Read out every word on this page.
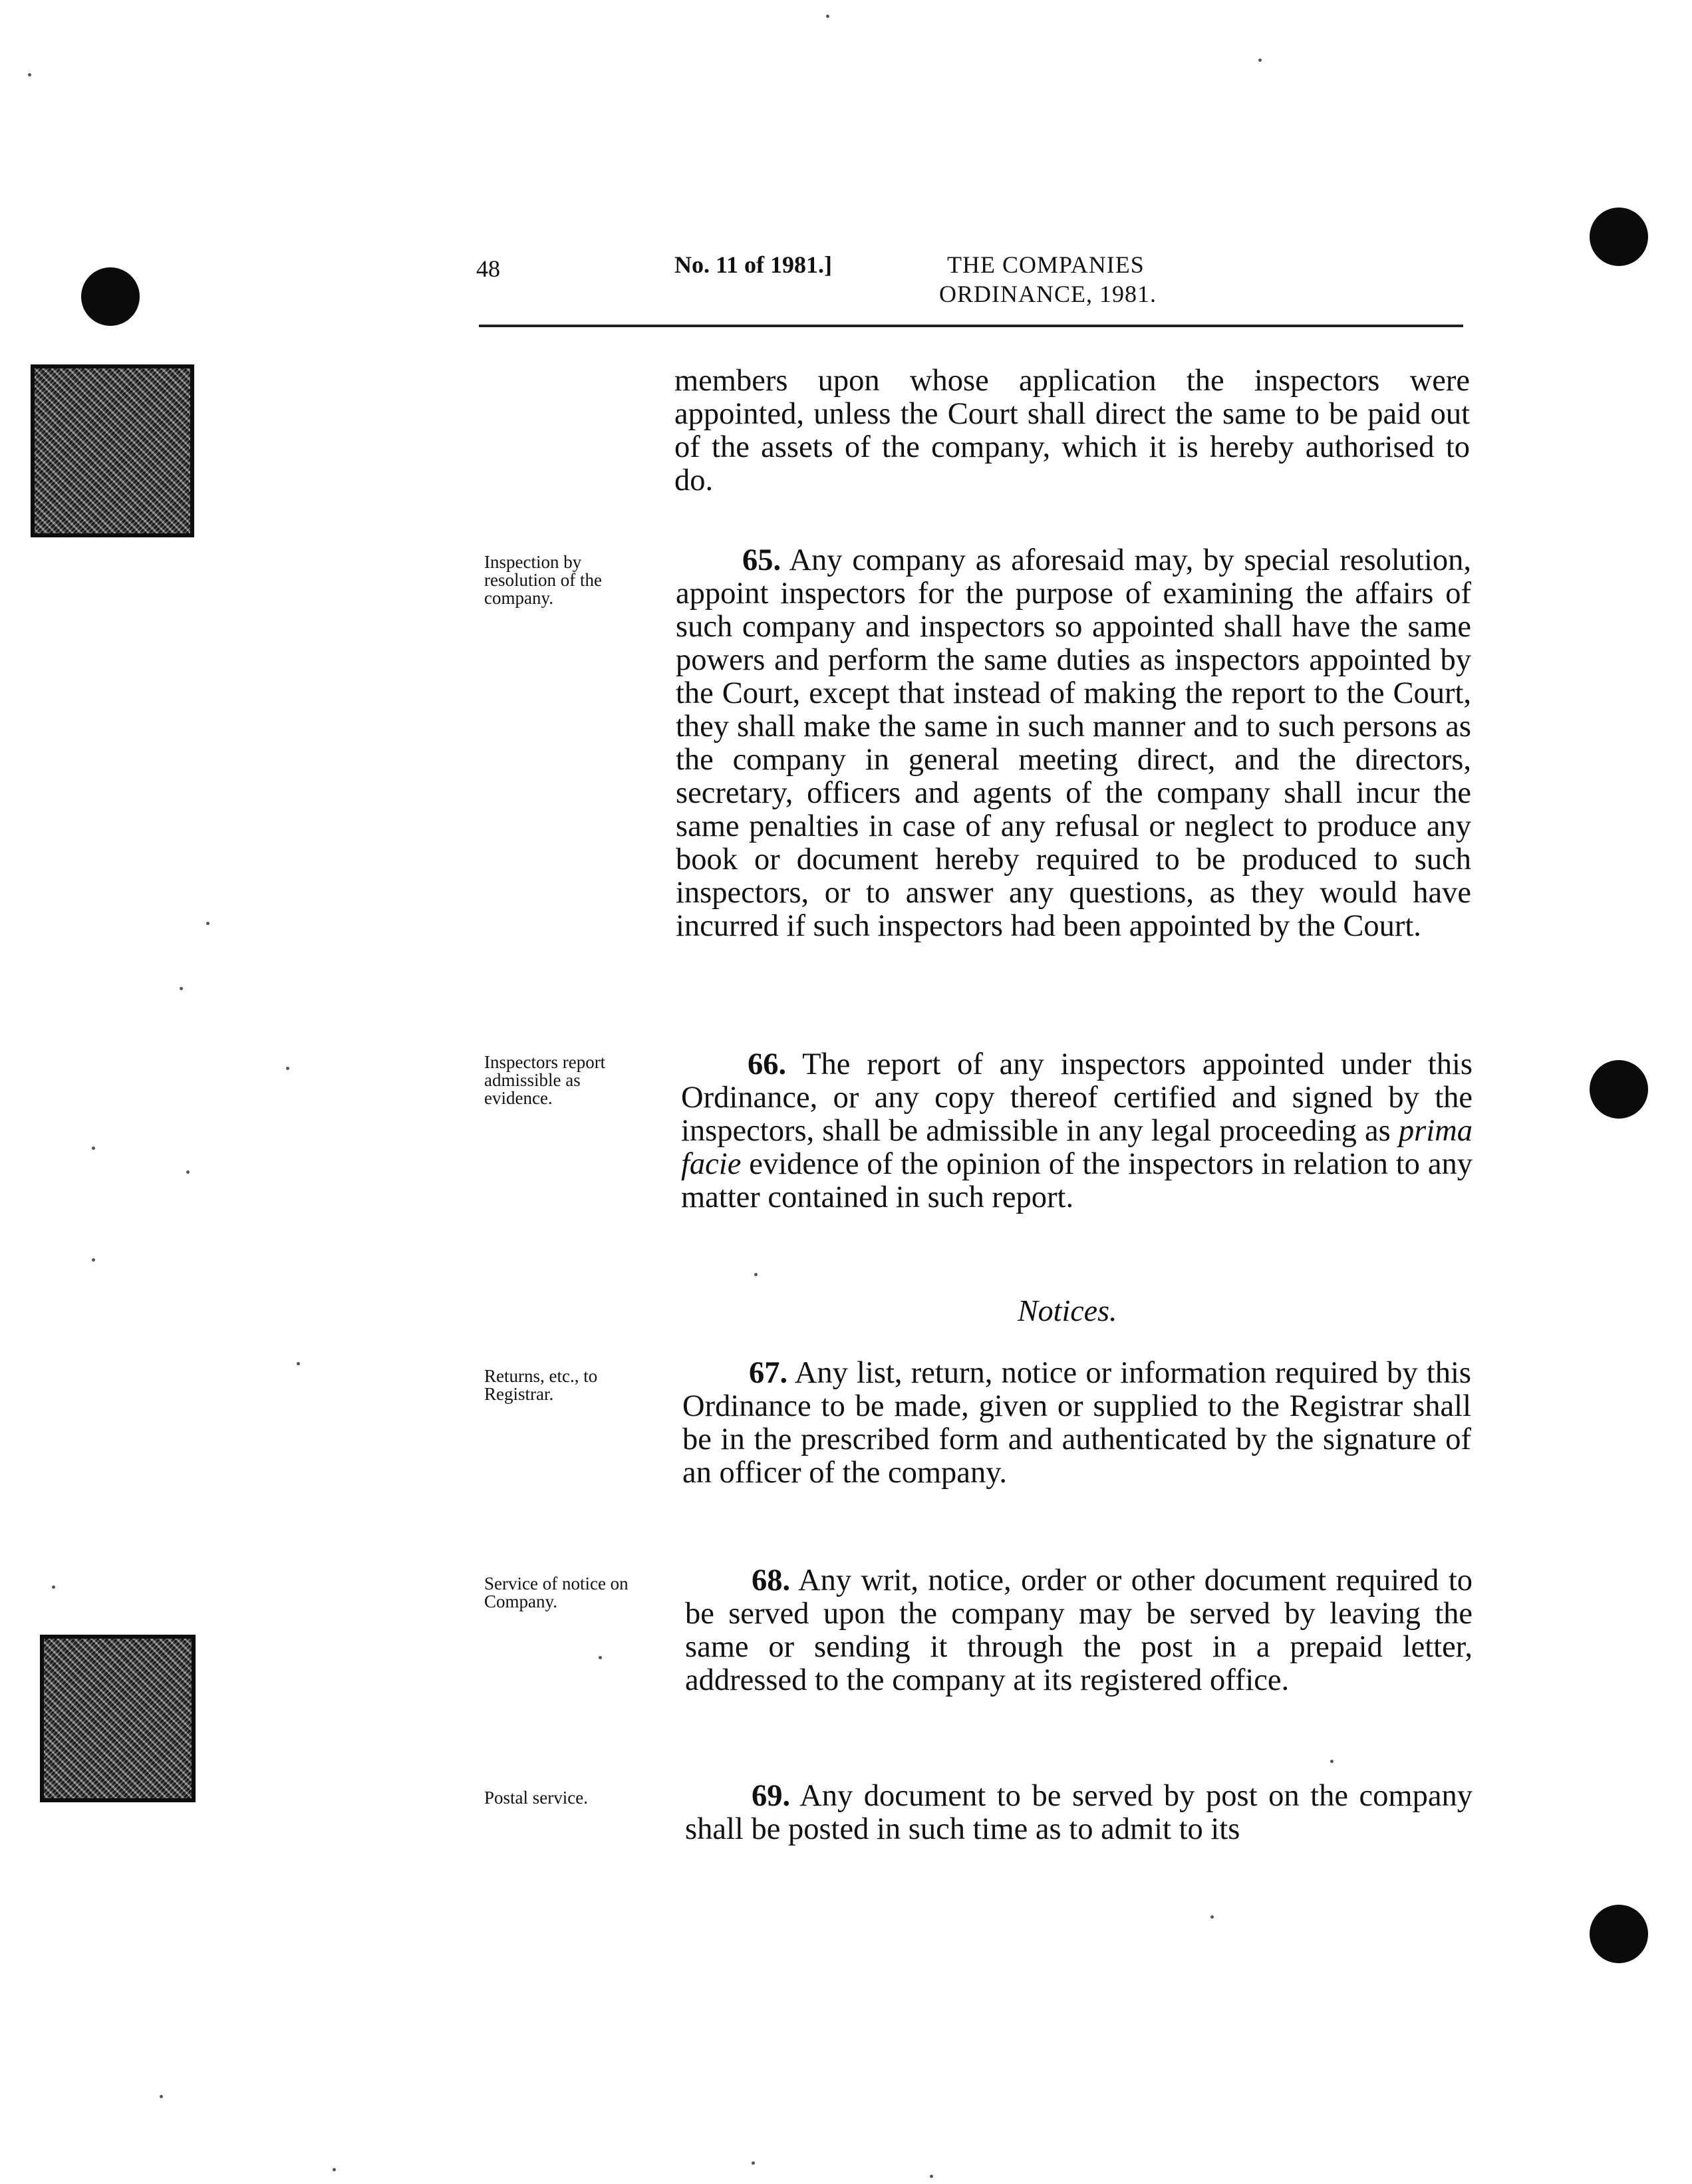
48	No. 11 of 1981.]	THE COMPANIES
ORDINANCE, 1981.
members upon whose application the inspectors were appointed, unless the Court shall direct the same to be paid out of the assets of the company, which it is hereby authorised to do.
Inspection by resolution of the company.
65. Any company as aforesaid may, by special resolution, appoint inspectors for the purpose of examining the affairs of such company and inspectors so appointed shall have the same powers and perform the same duties as inspectors appointed by the Court, except that instead of making the report to the Court, they shall make the same in such manner and to such persons as the company in general meeting direct, and the directors, secretary, officers and agents of the company shall incur the same penalties in case of any refusal or neglect to produce any book or document hereby required to be produced to such inspectors, or to answer any questions, as they would have incurred if such inspectors had been appointed by the Court.
Inspectors report admissible as evidence.
66. The report of any inspectors appointed under this Ordinance, or any copy thereof certified and signed by the inspectors, shall be admissible in any legal proceeding as prima facie evidence of the opinion of the inspectors in relation to any matter contained in such report.
Notices.
Returns, etc., to Registrar.
67. Any list, return, notice or information required by this Ordinance to be made, given or supplied to the Registrar shall be in the prescribed form and authenticated by the signature of an officer of the company.
Service of notice on Company.
68. Any writ, notice, order or other document required to be served upon the company may be served by leaving the same or sending it through the post in a prepaid letter, addressed to the company at its registered office.
Postal service.	69. Any document to be served by post on the company shall be posted in such time as to admit to its
